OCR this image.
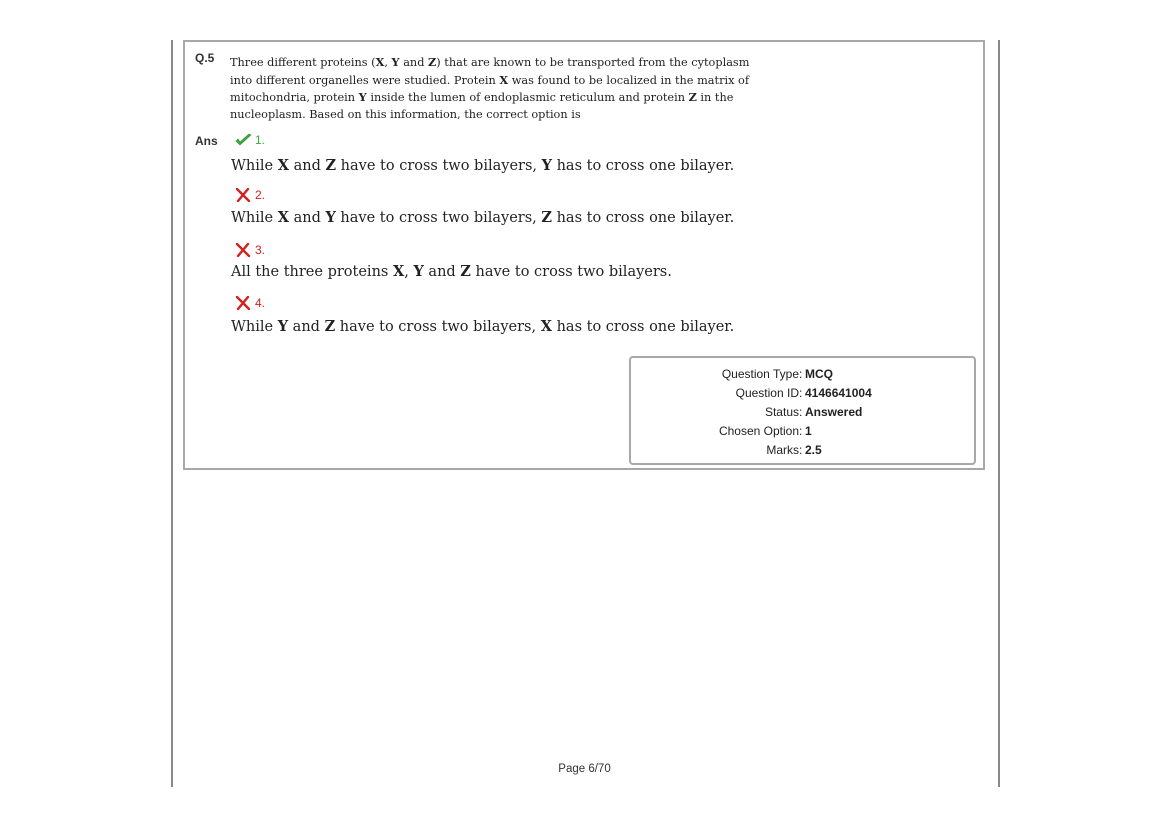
Q.5 Three different proteins (X, Y and Z) that are known to be transported from the cytoplasm into different organelles were studied. Protein X was found to be localized in the matrix of mitochondria, protein Y inside the lumen of endoplasmic reticulum and protein Z in the nucleoplasm. Based on this information, the correct option is

Ans	1.

While X and Z have to cross two bilayers, Y has to cross one bilayer.

2.

While X and Y have to cross two bilayers, Z has to cross one bilayer.

3.

All the three proteins X, Y and Z have to cross two bilayers.

4.

While Y and Z have to cross two bilayers, X has to cross one bilayer.

Question Type : MCQ
Question ID : 4146641004
Status : Answered
Chosen Option : 1
Marks : 2.5
Page 6/70
